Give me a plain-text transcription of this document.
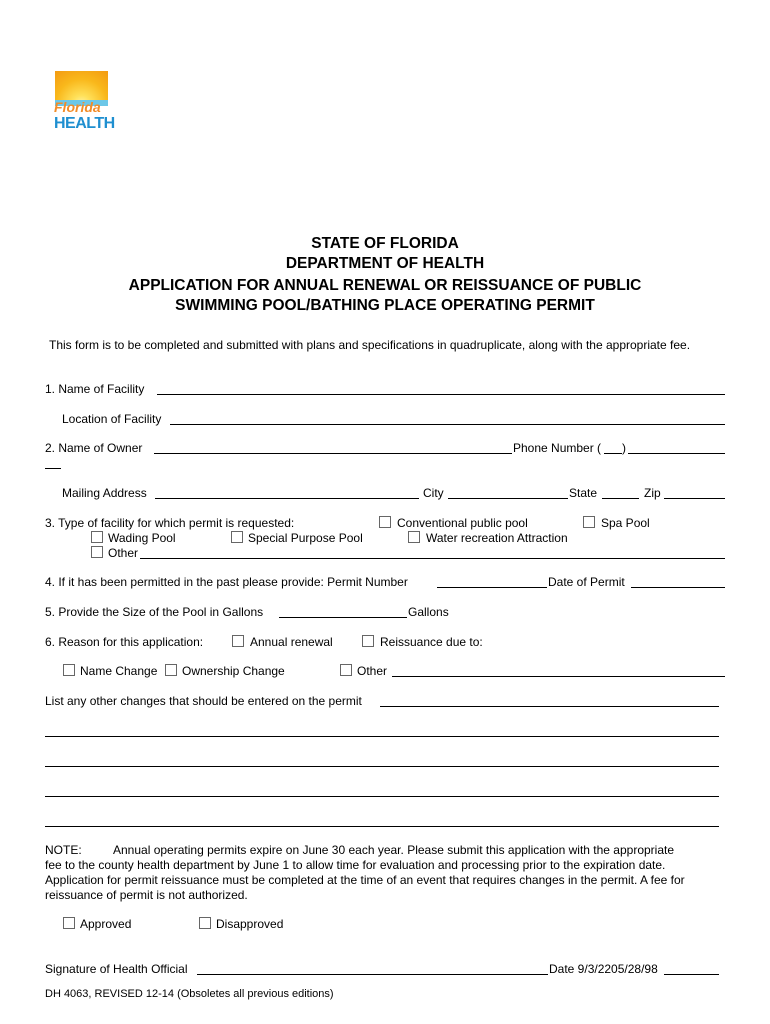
Florida
HEALTH
STATE OF FLORIDA
DEPARTMENT OF HEALTH
APPLICATION FOR ANNUAL RENEWAL OR REISSUANCE OF PUBLIC
SWIMMING POOL/BATHING PLACE OPERATING PERMIT
This form is to be completed and submitted with plans and specifications in quadruplicate, along with the appropriate fee.
1. Name of Facility
Location of Facility
2. Name of Owner	Phone Number ( )
Mailing Address	City	State	Zip
3. Type of facility for which permit is requested:	Conventional public pool	Spa Pool
Wading Pool	Special Purpose Pool	Water recreation Attraction
Other
4. If it has been permitted in the past please provide: Permit Number	Date of Permit
5. Provide the Size of the Pool in Gallons	Gallons
6. Reason for this application:	Annual renewal	Reissuance due to:
Name Change Ownership Change	Other
List any other changes that should be entered on the permit
NOTE:	Annual operating permits expire on June 30 each year. Please submit this application with the appropriate
fee to the county health department by June 1 to allow time for evaluation and processing prior to the expiration date.
Application for permit reissuance must be completed at the time of an event that requires changes in the permit. A fee for
reissuance of permit is not authorized.
Approved	Disapproved
Signature of Health Official	Date 9/3/2205/28/98
DH 4063, REVISED 12-14 (Obsoletes all previous editions)
